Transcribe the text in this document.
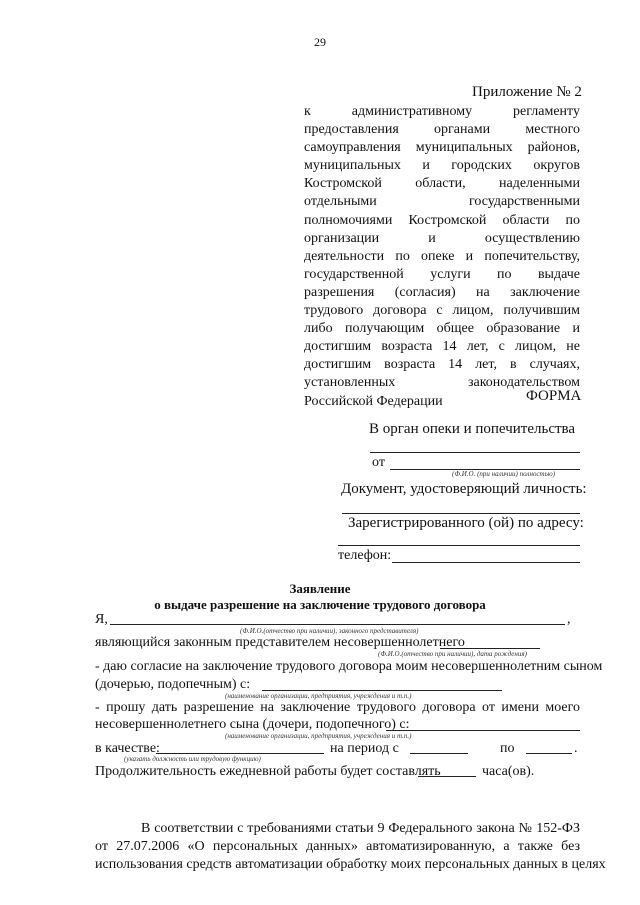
29
Приложение № 2
к административному регламенту
предоставления органами местного
самоуправления муниципальных районов,
муниципальных и городских округов
Костромской области, наделенными
отдельными государственными
полномочиями Костромской области по
организации и осуществлению
деятельности по опеке и попечительству,
государственной услуги по выдаче
разрешения (согласия) на заключение
трудового договора с лицом, получившим
либо получающим общее образование и
достигшим возраста 14 лет, с лицом, не
достигшим возраста 14 лет, в случаях,
установленных законодательством
Российской Федерации	ФОРМА
В орган опеки и попечительства
от
(Ф.И.О. (при наличии) полностью)
Документ, удостоверяющий личность:
Зарегистрированного (ой) по адресу:
телефон:
Заявление
о выдаче разрешение на заключение трудового договора
Я,	,
(Ф.И.О.(отчество при наличии), законного представителя)
являющийся законным представителем несовершеннолетнего
(Ф.И.О.(отчество при наличии), дата рождения)
- даю согласие на заключение трудового договора моим несовершеннолетним сыном
(дочерью, подопечным) с:
(наименование организации, предприятия, учреждения и т.п.)
- прошу дать разрешение на заключение трудового договора от имени моего
несовершеннолетнего сына (дочери, подопечного) с:
(наименование организации, предприятия, учреждения и т.п.)
в качестве:	на период с	по	.
(указать должность или трудовую функцию)
Продолжительность ежедневной работы будет составлять	часа(ов).
В соответствии с требованиями статьи 9 Федерального закона № 152-ФЗ
от 27.07.2006 «О персональных данных» автоматизированную, а также без
использования средств автоматизации обработку моих персональных данных в целях
